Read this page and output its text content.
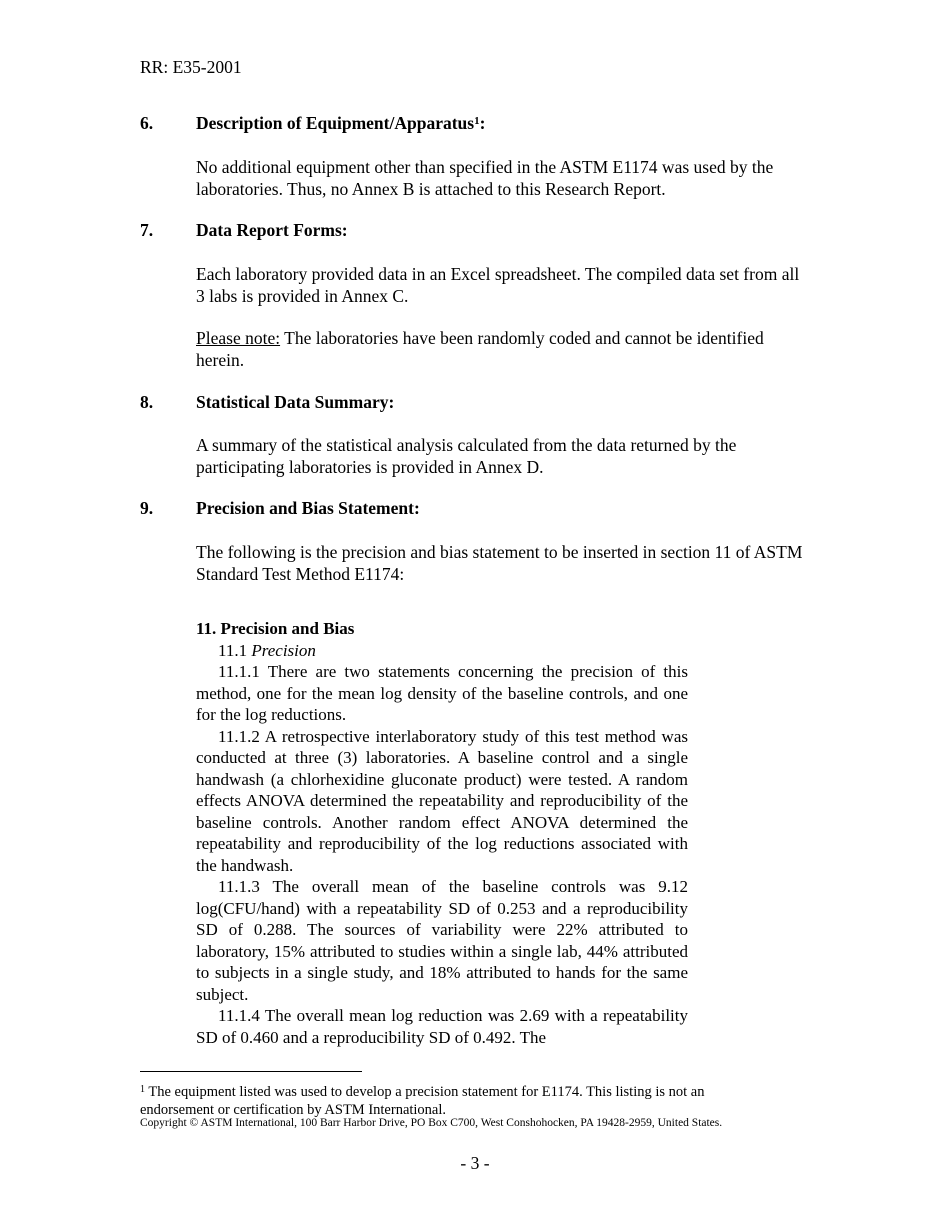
RR: E35-2001
6. Description of Equipment/Apparatus$^1$:
No additional equipment other than specified in the ASTM E1174 was used by the laboratories. Thus, no Annex B is attached to this Research Report.
7. Data Report Forms:
Each laboratory provided data in an Excel spreadsheet. The compiled data set from all 3 labs is provided in Annex C.
Please note: The laboratories have been randomly coded and cannot be identified herein.
8. Statistical Data Summary:
A summary of the statistical analysis calculated from the data returned by the participating laboratories is provided in Annex D.
9. Precision and Bias Statement:
The following is the precision and bias statement to be inserted in section 11 of ASTM Standard Test Method E1174:
11. Precision and Bias
11.1 Precision
11.1.1 There are two statements concerning the precision of this method, one for the mean log density of the baseline controls, and one for the log reductions.
11.1.2 A retrospective interlaboratory study of this test method was conducted at three (3) laboratories. A baseline control and a single handwash (a chlorhexidine gluconate product) were tested. A random effects ANOVA determined the repeatability and reproducibility of the baseline controls. Another random effect ANOVA determined the repeatability and reproducibility of the log reductions associated with the handwash.
11.1.3 The overall mean of the baseline controls was 9.12 log(CFU/hand) with a repeatability SD of 0.253 and a reproducibility SD of 0.288. The sources of variability were 22% attributed to laboratory, 15% attributed to studies within a single lab, 44% attributed to subjects in a single study, and 18% attributed to hands for the same subject.
11.1.4 The overall mean log reduction was 2.69 with a repeatability SD of 0.460 and a reproducibility SD of 0.492. The
$^1$ The equipment listed was used to develop a precision statement for E1174. This listing is not an endorsement or certification by ASTM International.
Copyright © ASTM International, 100 Barr Harbor Drive, PO Box C700, West Conshohocken, PA 19428-2959, United States.
- 3 -
